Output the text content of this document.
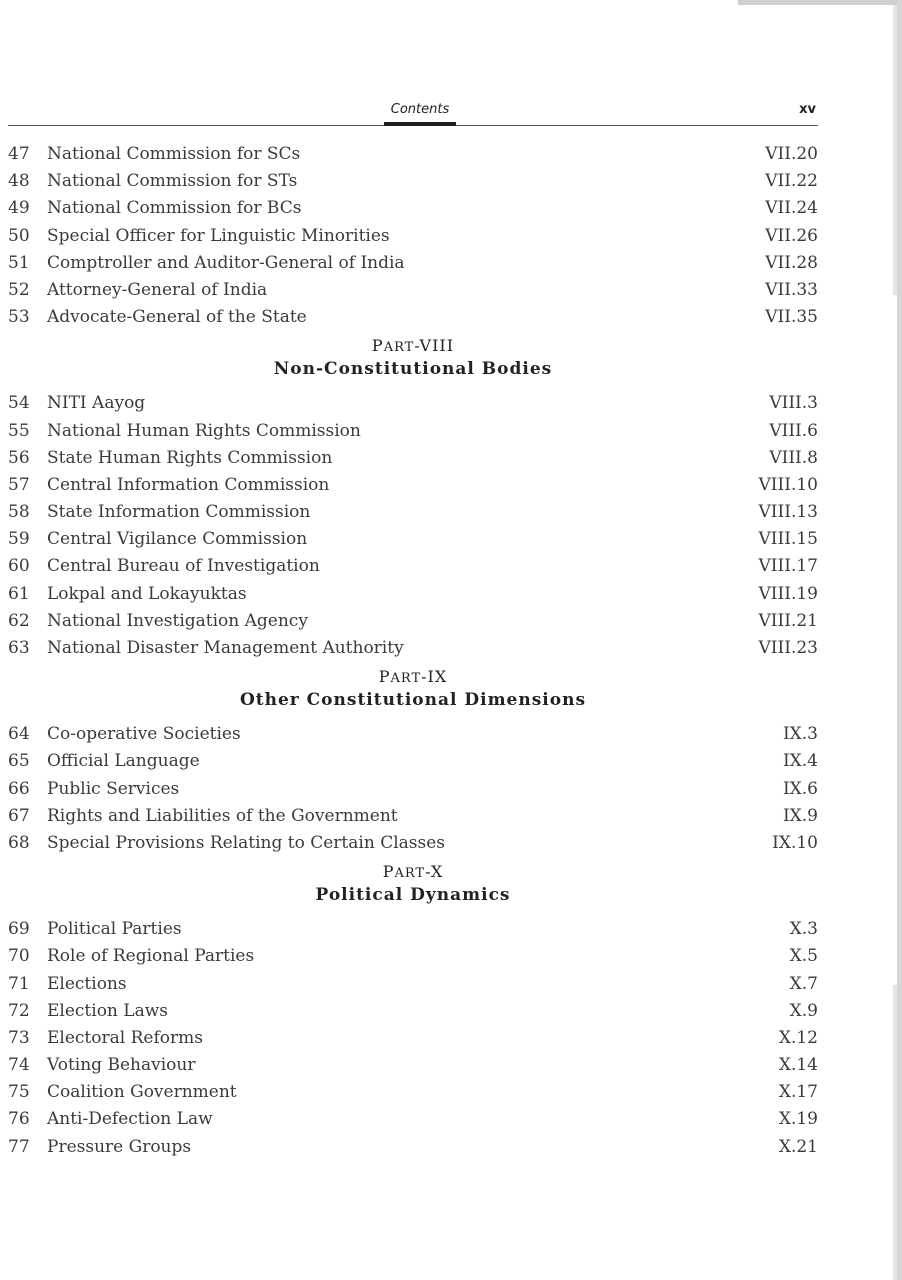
Contents	xv
47 National Commission for SCs	VII.20
48 National Commission for STs	VII.22
49 National Commission for BCs	VII.24
50 Special Officer for Linguistic Minorities	VII.26
51 Comptroller and Auditor-General of India	VII.28
52 Attorney-General of India	VII.33
53 Advocate-General of the State	VII.35
PART-VIII
Non-Constitutional Bodies
54 NITI Aayog	VIII.3
55 National Human Rights Commission	VIII.6
56 State Human Rights Commission	VIII.8
57 Central Information Commission	VIII.10
58 State Information Commission	VIII.13
59 Central Vigilance Commission	VIII.15
60 Central Bureau of Investigation	VIII.17
61 Lokpal and Lokayuktas	VIII.19
62 National Investigation Agency	VIII.21
63 National Disaster Management Authority	VIII.23
PART-IX
Other Constitutional Dimensions
64 Co-operative Societies	IX.3
65 Official Language	IX.4
66 Public Services	IX.6
67 Rights and Liabilities of the Government	IX.9
68 Special Provisions Relating to Certain Classes	IX.10
PART-X
Political Dynamics
69 Political Parties	X.3
70 Role of Regional Parties	X.5
71 Elections	X.7
72 Election Laws	X.9
73 Electoral Reforms	X.12
74 Voting Behaviour	X.14
75 Coalition Government	X.17
76 Anti-Defection Law	X.19
77 Pressure Groups	X.21
